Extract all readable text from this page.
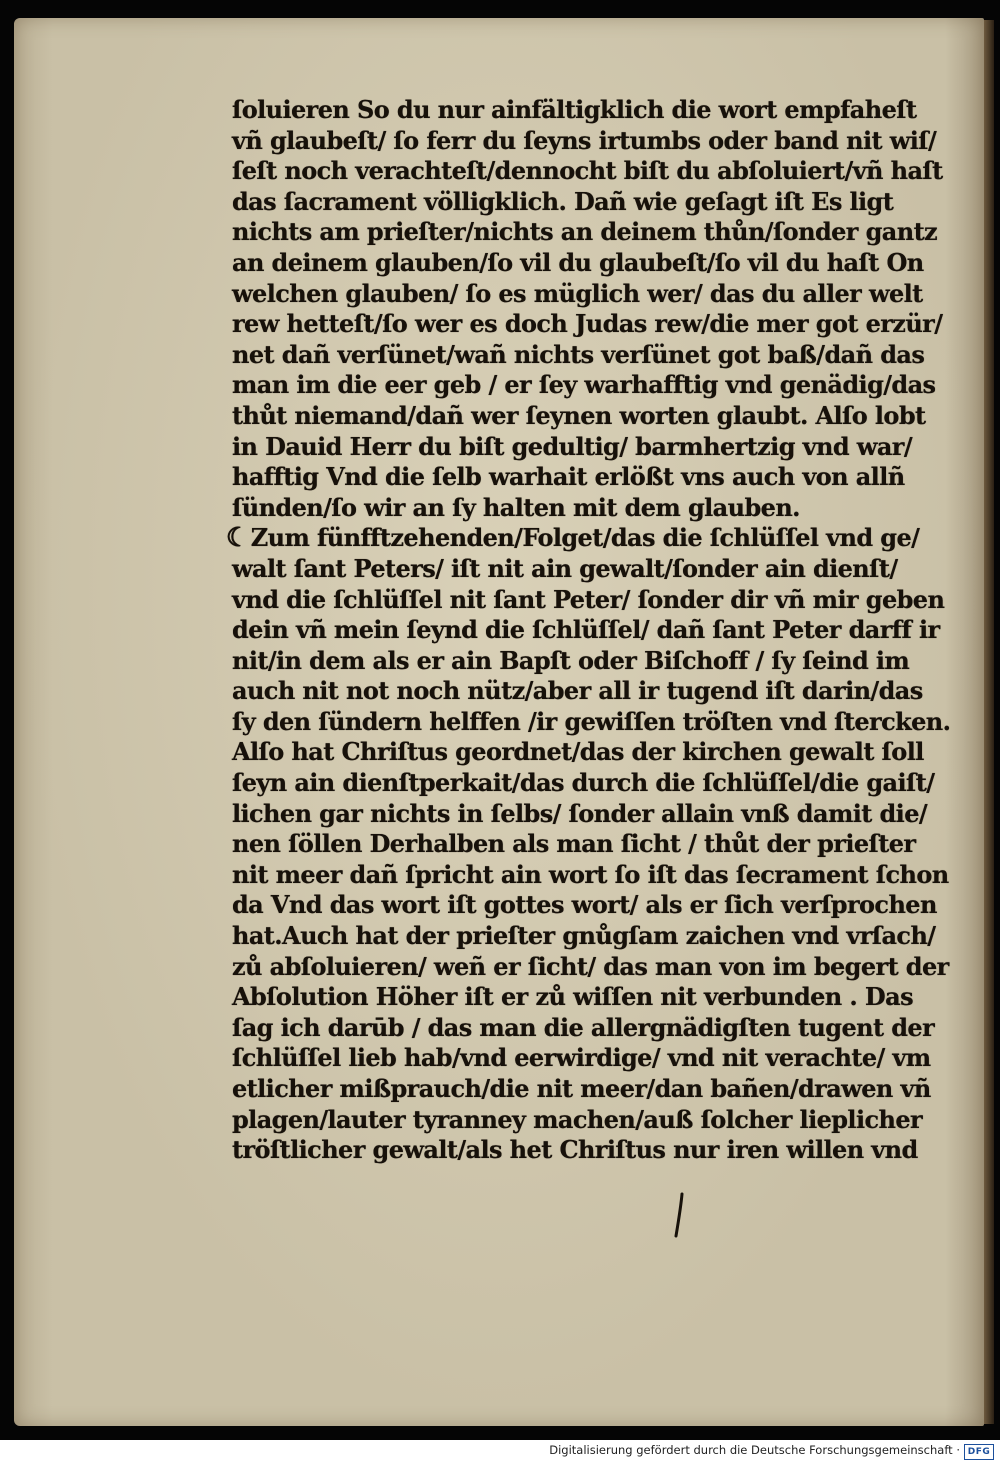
ſoluieren So du nur ainfältigklich die wort empfaheſt
vñ glaubeſt/ ſo ferr du ſeyns irtumbs oder band nit wiſ/
ſeſt noch verachteſt/dennocht biſt du abſoluiert/vñ haſt
das ſacrament völligklich. Dañ wie geſagt iſt Es ligt
nichts am prieſter/nichts an deinem thůn/ſonder gantz
an deinem glauben/ſo vil du glaubeſt/ſo vil du haſt On
welchen glauben/ ſo es müglich wer/ das du aller welt
rew hetteſt/ſo wer es doch Judas rew/die mer got erzür/
net dañ verſünet/wañ nichts verſünet got baß/dañ das
man im die eer geb / er ſey warhafftig vnd genädig/das
thůt niemand/dañ wer ſeynen worten glaubt. Alſo lobt
in Dauid Herr du biſt gedultig/ barmhertzig vnd war/
hafftig Vnd die ſelb warhait erlößt vns auch von allñ
ſünden/ſo wir an ſy halten mit dem glauben.
☾Zum fünfftzehenden/Folget/das die ſchlüſſel vnd ge/
walt ſant Peters/ iſt nit ain gewalt/ſonder ain dienſt/
vnd die ſchlüſſel nit ſant Peter/ ſonder dir vñ mir geben
dein vñ mein ſeynd die ſchlüſſel/ dañ ſant Peter darff ir
nit/in dem als er ain Bapſt oder Biſchoff / ſy ſeind im
auch nit not noch nütz/aber all ir tugend iſt darin/das
ſy den ſündern helffen /ir gewiſſen tröſten vnd ſtercken.
Alſo hat Chriſtus geordnet/das der kirchen gewalt ſoll
ſeyn ain dienſtperkait/das durch die ſchlüſſel/die gaiſt/
lichen gar nichts in ſelbs/ ſonder allain vnß damit die/
nen ſöllen Derhalben als man ſicht / thůt der prieſter
nit meer dañ ſpricht ain wort ſo iſt das ſecrament ſchon
da Vnd das wort iſt gottes wort/ als er ſich verſprochen
hat.Auch hat der prieſter gnůgſam zaichen vnd vrſach/
zů abſoluieren/ weñ er ſicht/ das man von im begert der
Abſolution Höher iſt er zů wiſſen nit verbunden . Das
ſag ich darūb / das man die allergnädigſten tugent der
ſchlüſſel lieb hab/vnd eerwirdige/ vnd nit verachte/ vm
etlicher mißprauch/die nit meer/dan bañen/drawen vñ
plagen/lauter tyranney machen/auß ſolcher lieplicher
tröſtlicher gewalt/als het Chriſtus nur iren willen vnd
Digitalisierung gefördert durch die Deutsche Forschungsgemeinschaft · DFG
